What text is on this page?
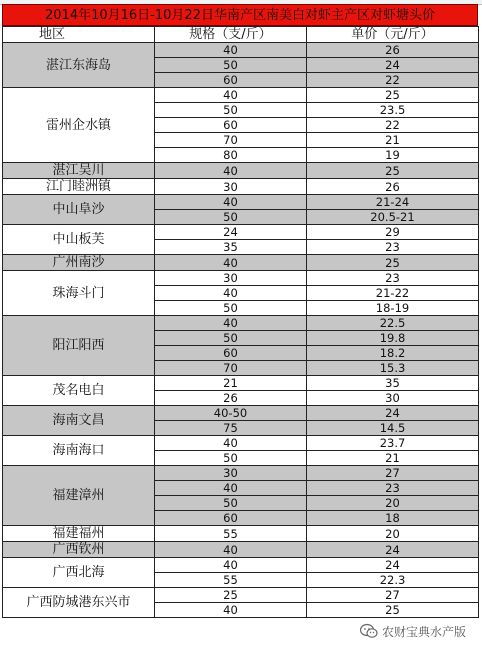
2014年10月16日-10月22日华南产区南美白对虾主产区对虾塘头价
地区	规格（支/斤）	单价（元/斤）
湛江东海岛	40	26
	50	24
	60	22
雷州企水镇	40	25
	50	23.5
	60	22
	70	21
	80	19
湛江吴川	40	25
江门睦洲镇	30	26
中山阜沙	40	21-24
	50	20.5-21
中山板芙	24	29
	35	23
广州南沙	40	25
珠海斗门	30	23
	40	21-22
	50	18-19
阳江阳西	40	22.5
	50	19.8
	60	18.2
	70	15.3
茂名电白	21	35
	26	30
海南文昌	40-50	24
	75	14.5
海南海口	40	23.7
	50	21
福建漳州	30	27
	40	23
	50	20
	60	18
福建福州	55	20
广西钦州	40	24
广西北海	40	24
	55	22.3
广西防城港东兴市	25	27
	40	25
农财宝典水产版
